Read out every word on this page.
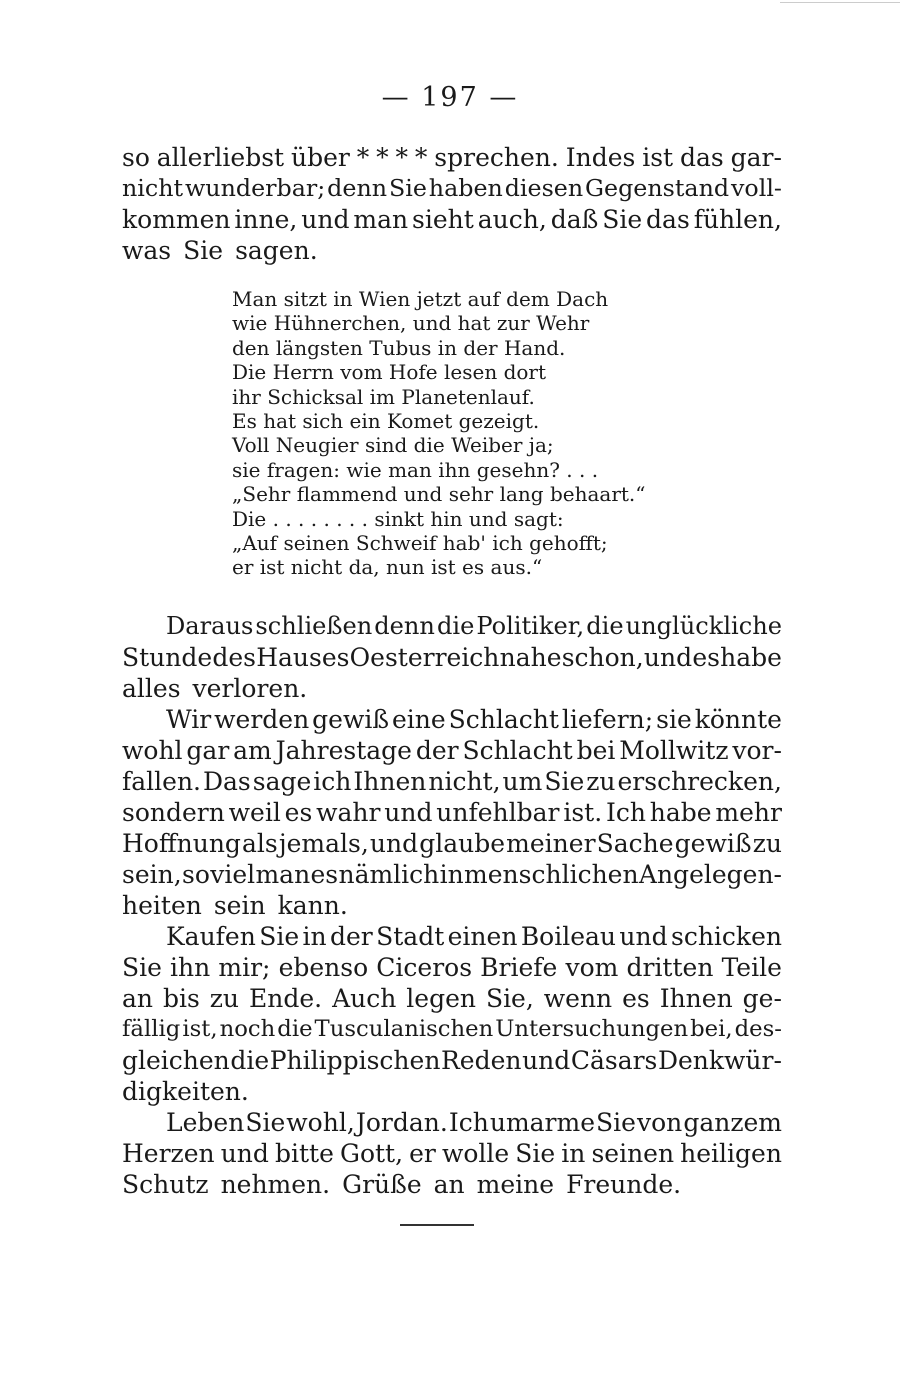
— 197 —
so allerliebst über * * * * sprechen. Indes ist das gar-
nicht wunderbar; denn Sie haben diesen Gegenstand voll-
kommen inne, und man sieht auch, daß Sie das fühlen,
was Sie sagen.
Man sitzt in Wien jetzt auf dem Dach
wie Hühnerchen, und hat zur Wehr
den längsten Tubus in der Hand.
Die Herrn vom Hofe lesen dort
ihr Schicksal im Planetenlauf.
Es hat sich ein Komet gezeigt.
Voll Neugier sind die Weiber ja;
sie fragen: wie man ihn gesehn? . . .
„Sehr flammend und sehr lang behaart.“
Die . . . . . . . . sinkt hin und sagt:
„Auf seinen Schweif hab' ich gehofft;
er ist nicht da, nun ist es aus.“
Daraus schließen denn die Politiker, die unglückliche
Stunde des Hauses Oesterreich nahe schon, und es habe
alles verloren.
Wir werden gewiß eine Schlacht liefern; sie könnte
wohl gar am Jahrestage der Schlacht bei Mollwitz vor-
fallen. Das sage ich Ihnen nicht, um Sie zu erschrecken,
sondern weil es wahr und unfehlbar ist. Ich habe mehr
Hoffnung als jemals, und glaube meiner Sache gewiß zu
sein, so viel man es nämlich in menschlichen Angelegen-
heiten sein kann.
Kaufen Sie in der Stadt einen Boileau und schicken
Sie ihn mir; ebenso Ciceros Briefe vom dritten Teile
an bis zu Ende. Auch legen Sie, wenn es Ihnen ge-
fällig ist, noch die Tusculanischen Untersuchungen bei, des-
gleichen die Philippischen Reden und Cäsars Denkwür-
digkeiten.
Leben Sie wohl, Jordan. Ich umarme Sie von ganzem
Herzen und bitte Gott, er wolle Sie in seinen heiligen
Schutz nehmen. Grüße an meine Freunde.
